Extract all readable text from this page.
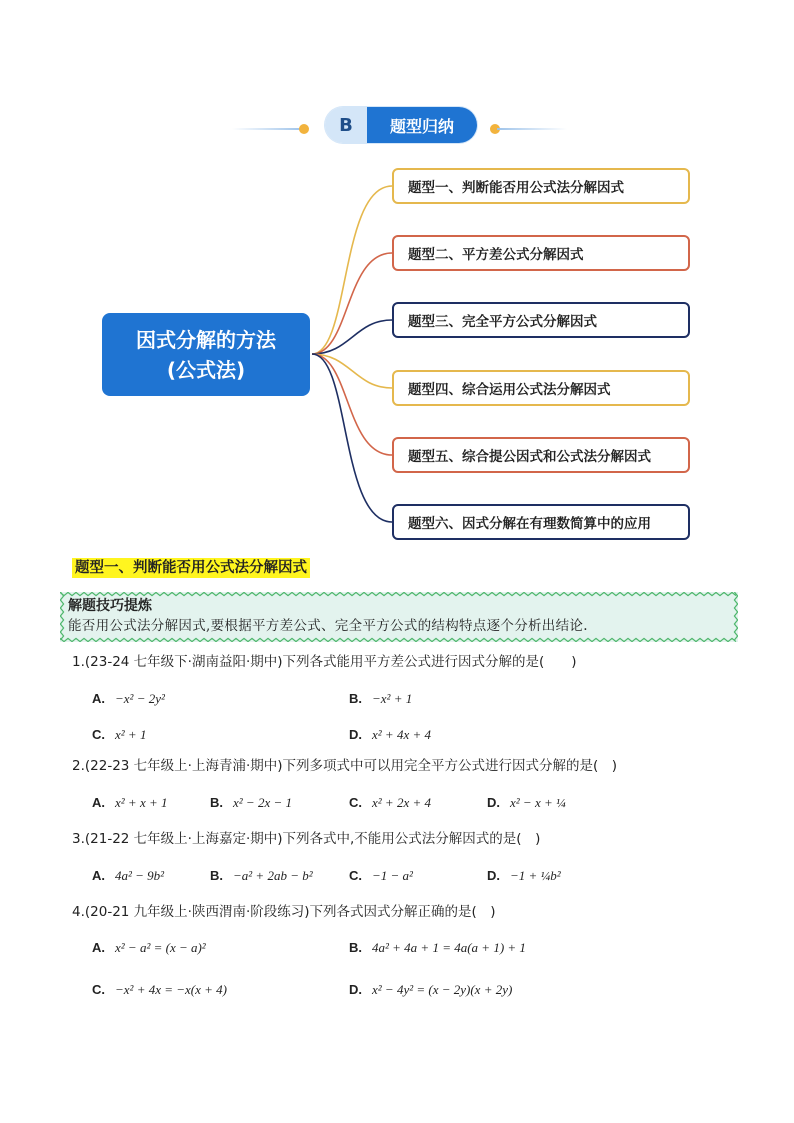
B	题型归纳
因式分解的方法
(公式法)
题型一、判断能否用公式法分解因式
题型二、平方差公式分解因式
题型三、完全平方公式分解因式
题型四、综合运用公式法分解因式
题型五、综合提公因式和公式法分解因式
题型六、因式分解在有理数简算中的应用
题型一、判断能否用公式法分解因式
解题技巧提炼
能否用公式法分解因式,要根据平方差公式、完全平方公式的结构特点逐个分析出结论.
1.(23-24 七年级下·湖南益阳·期中)下列各式能用平方差公式进行因式分解的是(　　)
A. −x² − 2y²	B. −x² + 1
C. x² + 1	D. x² + 4x + 4
2.(22-23 七年级上·上海青浦·期中)下列多项式中可以用完全平方公式进行因式分解的是(　)
A. x² + x + 1	B. x² − 2x − 1	C. x² + 2x + 4	D. x² − x + ¼
3.(21-22 七年级上·上海嘉定·期中)下列各式中,不能用公式法分解因式的是(　)
A. 4a² − 9b²	B. −a² + 2ab − b²	C. −1 − a²	D. −1 + ¼b²
4.(20-21 九年级上·陕西渭南·阶段练习)下列各式因式分解正确的是(　)
A. x² − a² = (x − a)²	B. 4a² + 4a + 1 = 4a(a + 1) + 1
C. −x² + 4x = −x(x + 4)	D. x² − 4y² = (x − 2y)(x + 2y)
